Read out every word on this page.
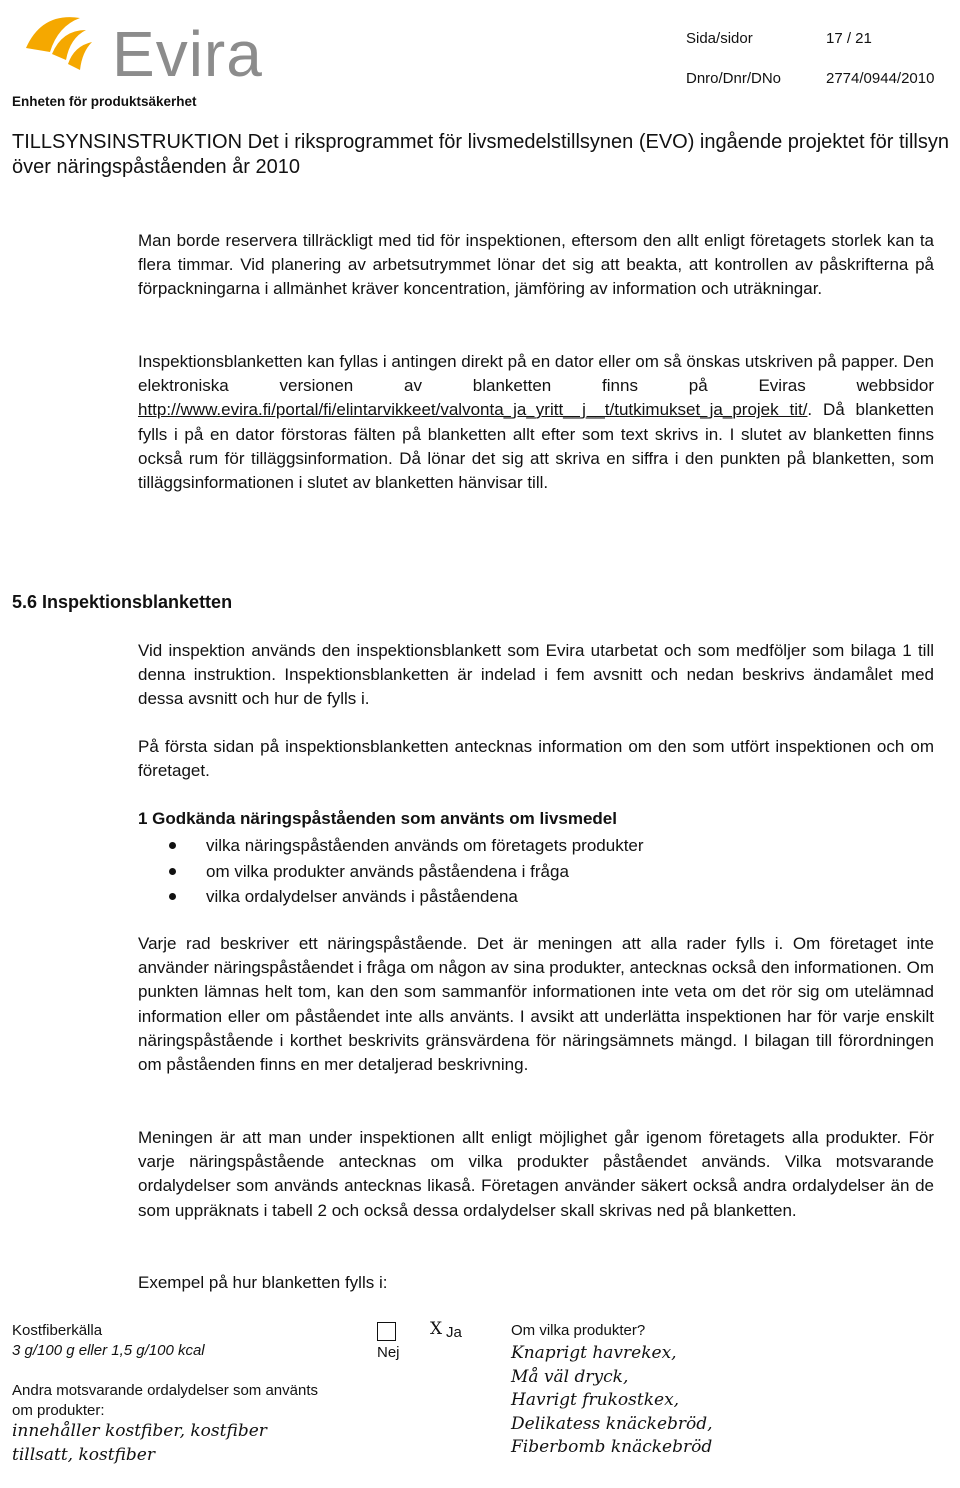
Evira	Sida/sidor	17 / 21
Dnro/Dnr/DNo	2774/0944/2010
Enheten för produktsäkerhet
TILLSYNSINSTRUKTION Det i riksprogrammet för livsmedelstillsynen (EVO) ingående projektet för tillsyn över näringspåståenden år 2010
Man borde reservera tillräckligt med tid för inspektionen, eftersom den allt enligt företagets storlek kan ta flera timmar. Vid planering av arbetsutrymmet lönar det sig att beakta, att kontrollen av påskrifterna på förpackningarna i allmänhet kräver koncentration, jämföring av information och uträkningar.
Inspektionsblanketten kan fyllas i antingen direkt på en dator eller om så önskas utskriven på papper. Den elektroniska versionen av blanketten finns på Eviras webbsidor http://www.evira.fi/portal/fi/elintarvikkeet/valvonta_ja_yritt__j__t/tutkimukset_ja_projek tit/. Då blanketten fylls i på en dator förstoras fälten på blanketten allt efter som text skrivs in. I slutet av blanketten finns också rum för tilläggsinformation. Då lönar det sig att skriva en siffra i den punkten på blanketten, som tilläggsinformationen i slutet av blanketten hänvisar till.
5.6 Inspektionsblanketten
Vid inspektion används den inspektionsblankett som Evira utarbetat och som medföljer som bilaga 1 till denna instruktion. Inspektionsblanketten är indelad i fem avsnitt och nedan beskrivs ändamålet med dessa avsnitt och hur de fylls i.
På första sidan på inspektionsblanketten antecknas information om den som utfört inspektionen och om företaget.
1 Godkända näringspåståenden som använts om livsmedel
vilka näringspåståenden används om företagets produkter
om vilka produkter används påståendena i fråga
vilka ordalydelser används i påståendena
Varje rad beskriver ett näringspåstående. Det är meningen att alla rader fylls i. Om företaget inte använder näringspåståendet i fråga om någon av sina produkter, antecknas också den informationen. Om punkten lämnas helt tom, kan den som sammanför informationen inte veta om det rör sig om utelämnad information eller om påståendet inte alls använts. I avsikt att underlätta inspektionen har för varje enskilt näringspåstående i korthet beskrivits gränsvärdena för näringsämnets mängd. I bilagan till förordningen om påståenden finns en mer detaljerad beskrivning.
Meningen är att man under inspektionen allt enligt möjlighet går igenom företagets alla produkter. För varje näringspåstående antecknas om vilka produkter påståendet används. Vilka motsvarande ordalydelser som används antecknas likaså. Företagen använder säkert också andra ordalydelser än de som uppräknats i tabell 2 och också dessa ordalydelser skall skrivas ned på blanketten.
Exempel på hur blanketten fylls i:
Kostfiberkälla
3 g/100 g eller 1,5 g/100 kcal
X Ja
Nej
Om vilka produkter?
Knaprigt havrekex,
Må väl dryck,
Havrigt frukostkex,
Delikatess knäckebröd,
Fiberbomb knäckebröd
Andra motsvarande ordalydelser som använts om produkter:
innehåller kostfiber, kostfiber
tillsatt, kostfiber
